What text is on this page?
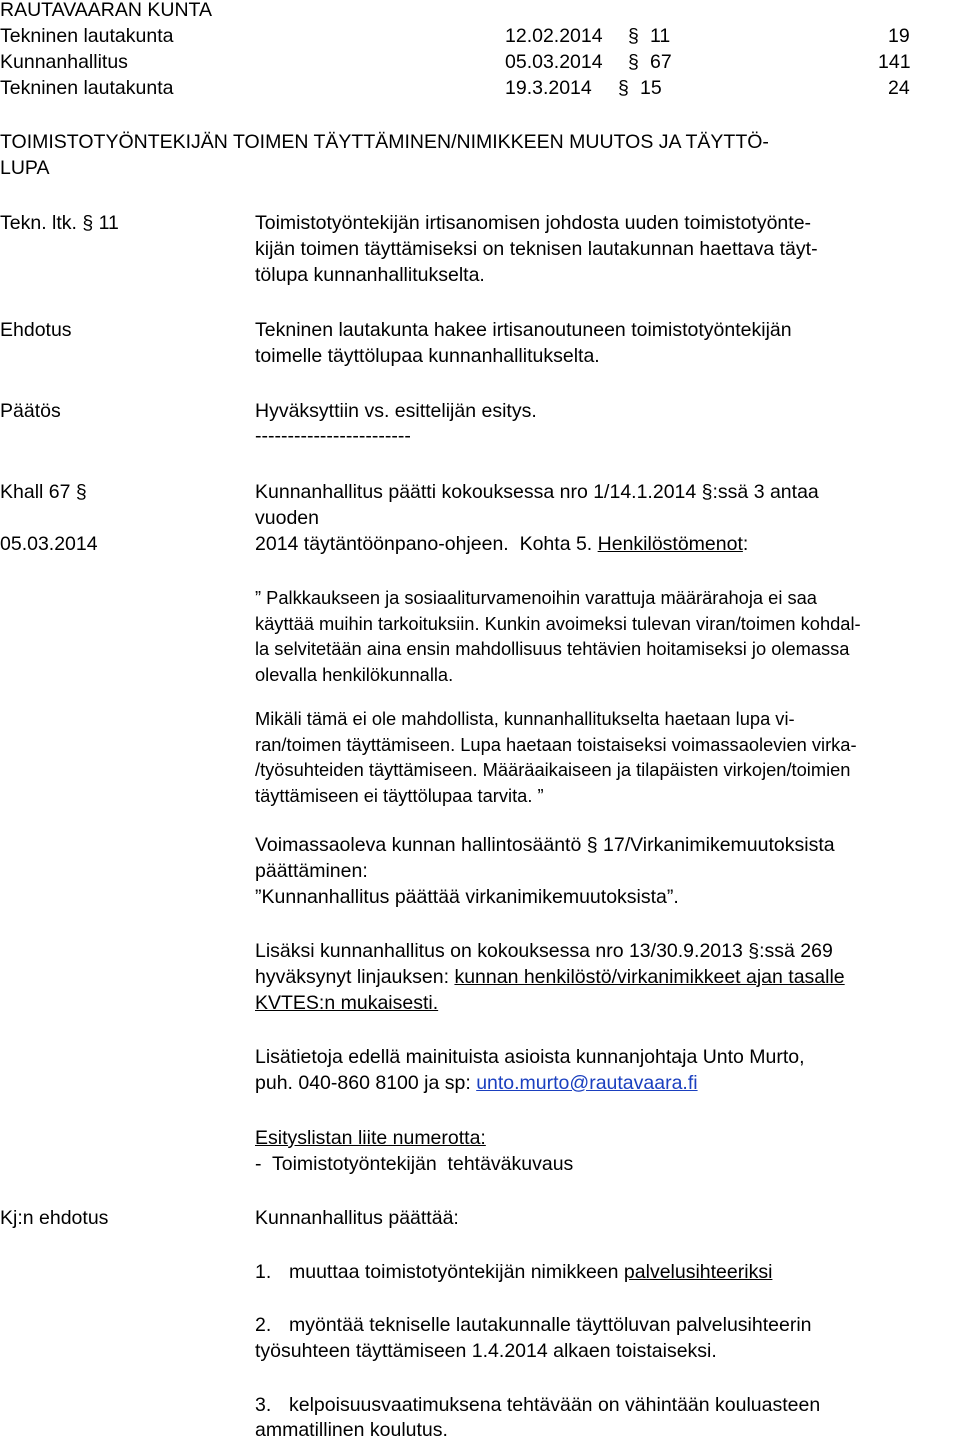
RAUTAVAARAN KUNTA
Tekninen lautakunta	12.02.2014 § 11	19
Kunnanhallitus	05.03.2014 § 67	141
Tekninen lautakunta	19.3.2014 § 15	24
TOIMISTOTYÖNTEKIJÄN TOIMEN TÄYTTÄMINEN/NIMIKKEEN MUUTOS JA TÄYTTÖ-
LUPA
Tekn. ltk. § 11	Toimistotyöntekijän irtisanomisen johdosta uuden toimistotyönte-
kijän toimen täyttämiseksi on teknisen lautakunnan haettava täyt-
tölupa kunnanhallitukselta.
Ehdotus	Tekninen lautakunta hakee irtisanoutuneen toimistotyöntekijän
toimelle täyttölupaa kunnanhallitukselta.
Päätös	Hyväksyttiin vs. esittelijän esitys.
------------------------
Khall 67 §	Kunnanhallitus päätti kokouksessa nro 1/14.1.2014 §:ssä 3 antaa
vuoden
05.03.2014	2014 täytäntöönpano-ohjeen. Kohta 5. Henkilöstömenot:
” Palkkaukseen ja sosiaaliturvamenoihin varattuja määrärahoja ei saa
käyttää muihin tarkoituksiin. Kunkin avoimeksi tulevan viran/toimen kohdal-
la selvitetään aina ensin mahdollisuus tehtävien hoitamiseksi jo olemassa
olevalla henkilökunnalla.
Mikäli tämä ei ole mahdollista, kunnanhallitukselta haetaan lupa vi-
ran/toimen täyttämiseen. Lupa haetaan toistaiseksi voimassaolevien virka-
/työsuhteiden täyttämiseen. Määräaikaiseen ja tilapäisten virkojen/toimien
täyttämiseen ei täyttölupaa tarvita. ”
Voimassaoleva kunnan hallintosääntö § 17/Virkanimikemuutoksista
päättäminen:
”Kunnanhallitus päättää virkanimikemuutoksista”.
Lisäksi kunnanhallitus on kokouksessa nro 13/30.9.2013 §:ssä 269
hyväksynyt linjauksen: kunnan henkilöstö/virkanimikkeet ajan tasalle
KVTES:n mukaisesti.
Lisätietoja edellä mainituista asioista kunnanjohtaja Unto Murto,
puh. 040-860 8100 ja sp: unto.murto@rautavaara.fi
Esityslistan liite numerotta:
-  Toimistotyöntekijän  tehtäväkuvaus
Kj:n ehdotus	Kunnanhallitus päättää:
1. muuttaa toimistotyöntekijän nimikkeen palvelusihteeriksi
2. myöntää tekniselle lautakunnalle täyttöluvan palvelusihteerin
työsuhteen täyttämiseen 1.4.2014 alkaen toistaiseksi.
3. kelpoisuusvaatimuksena tehtävään on vähintään kouluasteen
ammatillinen koulutus.
